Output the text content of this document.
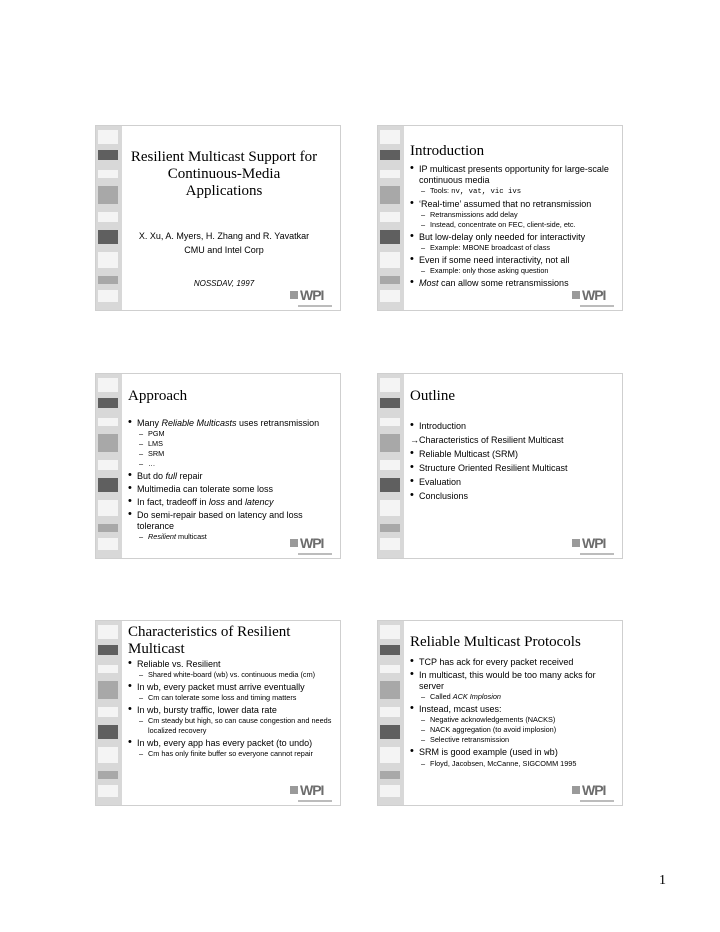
Resilient Multicast Support for Continuous-Media Applications
X. Xu, A. Myers, H. Zhang and R. Yavatkar
CMU and Intel Corp
NOSSDAV, 1997
WPI
Introduction
• IP multicast presents opportunity for large-scale continuous media
– Tools: nv, vat, vic ivs
• ‘Real-time’ assumed that no retransmission
– Retransmissions add delay
– Instead, concentrate on FEC, client-side, etc.
• But low-delay only needed for interactivity
– Example: MBONE broadcast of class
• Even if some need interactivity, not all
– Example: only those asking question
• Most can allow some retransmissions
WPI
Approach
• Many Reliable Multicasts uses retransmission
– PGM
– LMS
– SRM
– …
• But do full repair
• Multimedia can tolerate some loss
• In fact, tradeoff in loss and latency
• Do semi-repair based on latency and loss tolerance
– Resilient multicast	WPI
Outline
• Introduction
→ Characteristics of Resilient Multicast
• Reliable Multicast (SRM)
• Structure Oriented Resilient Multicast
• Evaluation
• Conclusions
WPI
Characteristics of Resilient Multicast
• Reliable vs. Resilient
– Shared white-board (wb) vs. continuous media (cm)
• In wb, every packet must arrive eventually
– Cm can tolerate some loss and timing matters
• In wb, bursty traffic, lower data rate
– Cm steady but high, so can cause congestion and needs localized recovery
• In wb, every app has every packet (to undo)
– Cm has only finite buffer so everyone cannot repair
WPI
Reliable Multicast Protocols
• TCP has ack for every packet received
• In multicast, this would be too many acks for server
– Called ACK Implosion
• Instead, mcast uses:
– Negative acknowledgements (NACKS)
– NACK aggregation (to avoid implosion)
– Selective retransmission
• SRM is good example (used in wb)
– Floyd, Jacobsen, McCanne, SIGCOMM 1995
WPI
1
